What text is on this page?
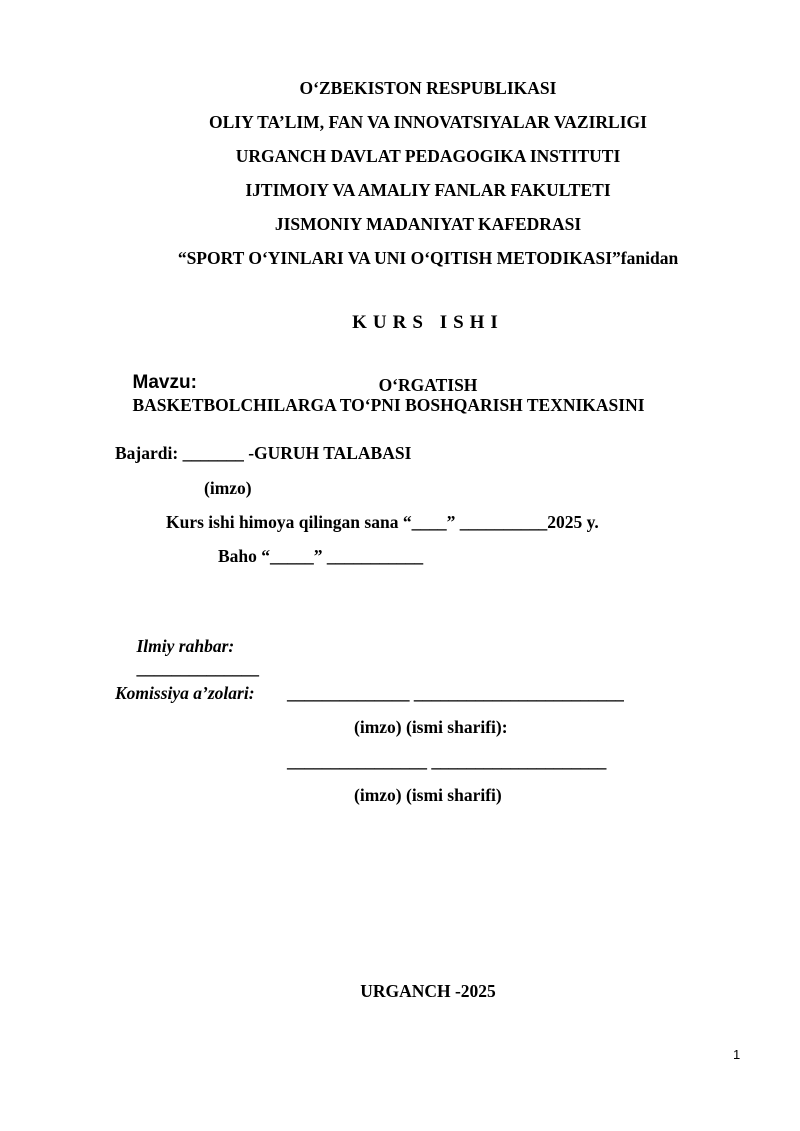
O‘ZBEKISTON RESPUBLIKASI
OLIY TA’LIM, FAN VA INNOVATSIYALAR VAZIRLIGI
URGANCH DAVLAT PEDAGOGIKA INSTITUTI
IJTIMOIY VA AMALIY FANLAR FAKULTETI
JISMONIY MADANIYAT KAFEDRASI
“SPORT O‘YINLARI VA UNI O‘QITISH METODIKASI”fanidan
KURS ISHI

Mavzu:
BASKETBOLCHILARGA TO‘PNI BOSHQARISH TEXNIKASINI

O‘RGATISH
Bajardi: _______ -GURUH TALABASI
(imzo)
Kurs ishi himoya qilingan sana “____” __________2025 y.
Baho “_____” ___________

Ilmiy rahbar:
______________

Komissiya a’zolari: ______________ ________________________
(imzo) (ismi sharifi):
________________ ____________________
(imzo) (ismi sharifi)
URGANCH -2025
1
